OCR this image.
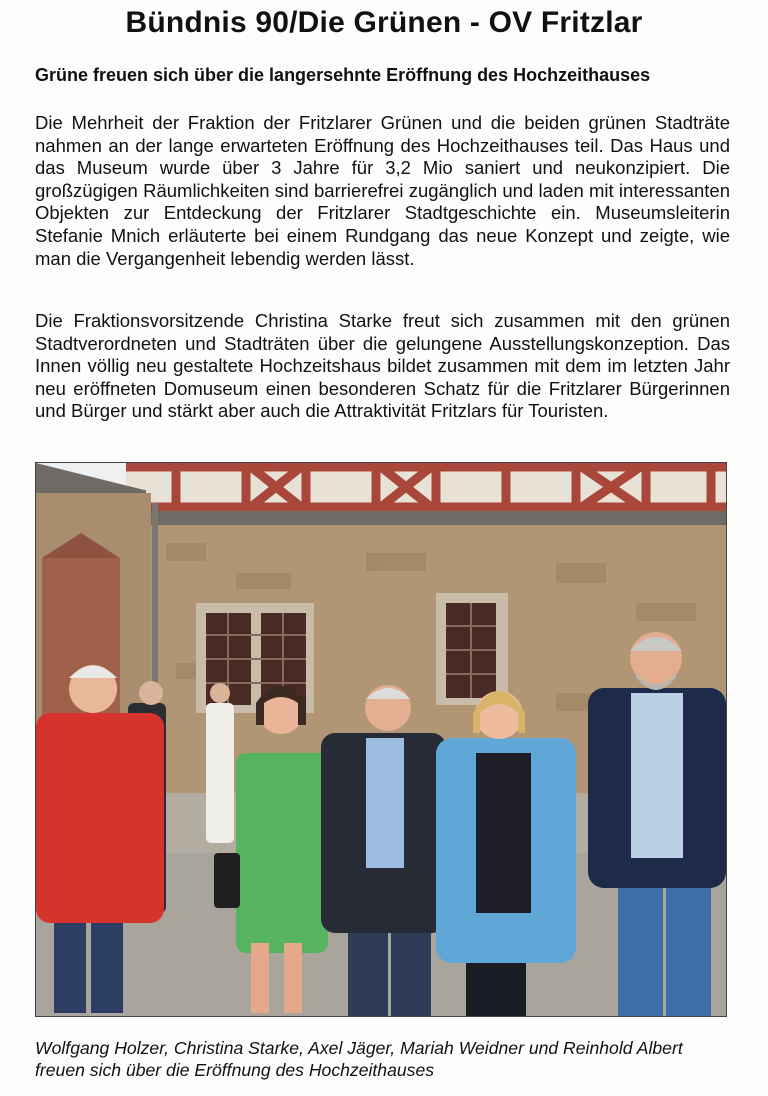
Bündnis 90/Die Grünen - OV Fritzlar
Grüne freuen sich über die langersehnte Eröffnung des Hochzeithauses
Die Mehrheit der Fraktion der Fritzlarer Grünen und die beiden grünen Stadträte nahmen an der lange erwarteten Eröffnung des Hochzeithauses teil. Das Haus und das Museum wurde über 3 Jahre für 3,2 Mio saniert und neukonzipiert. Die großzügigen Räumlichkeiten sind barrierefrei zugänglich und laden mit interessanten Objekten zur Entdeckung der Fritzlarer Stadtgeschichte ein. Museumsleiterin Stefanie Mnich erläuterte bei einem Rundgang das neue Konzept und zeigte, wie man die Vergangenheit lebendig werden lässt.
Die Fraktionsvorsitzende Christina Starke freut sich zusammen mit den grünen Stadtverordneten und Stadträten über die gelungene Ausstellungskonzeption. Das Innen völlig neu gestaltete Hochzeitshaus bildet zusammen mit dem im letzten Jahr neu eröffneten Domuseum einen besonderen Schatz für die Fritzlarer Bürgerinnen und Bürger und stärkt aber auch die Attraktivität Fritzlars für Touristen.
Wolfgang Holzer, Christina Starke, Axel Jäger, Mariah Weidner und Reinhold Albert freuen sich über die Eröffnung des Hochzeithauses
